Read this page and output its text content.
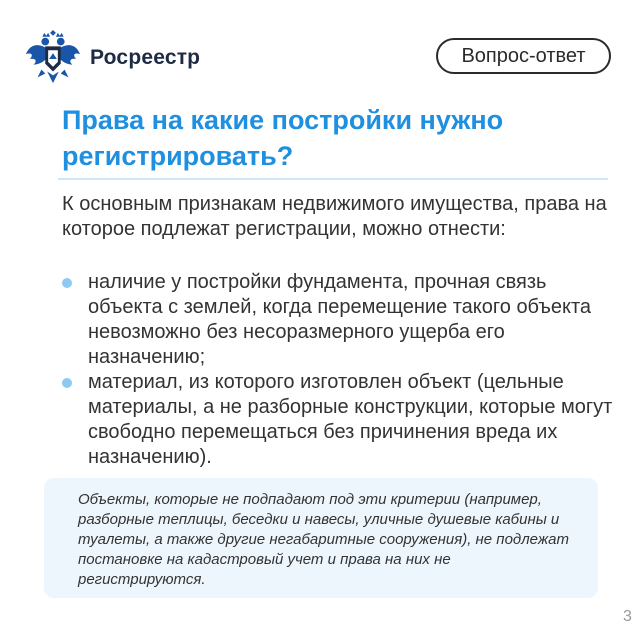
Росреестр	Вопрос-ответ
Права на какие постройки нужно регистрировать?

К основным признакам недвижимого имущества, права на которое подлежат регистрации, можно отнести:

наличие у постройки фундамента, прочная связь объекта с землей, когда перемещение такого объекта невозможно без несоразмерного ущерба его назначению;
материал, из которого изготовлен объект (цельные материалы, а не разборные конструкции, которые могут свободно перемещаться без причинения вреда их назначению).
Объекты, которые не подпадают под эти критерии (например, разборные теплицы, беседки и навесы, уличные душевые кабины и туалеты, а также другие негабаритные сооружения), не подлежат постановке на кадастровый учет и права на них не регистрируются.
3
